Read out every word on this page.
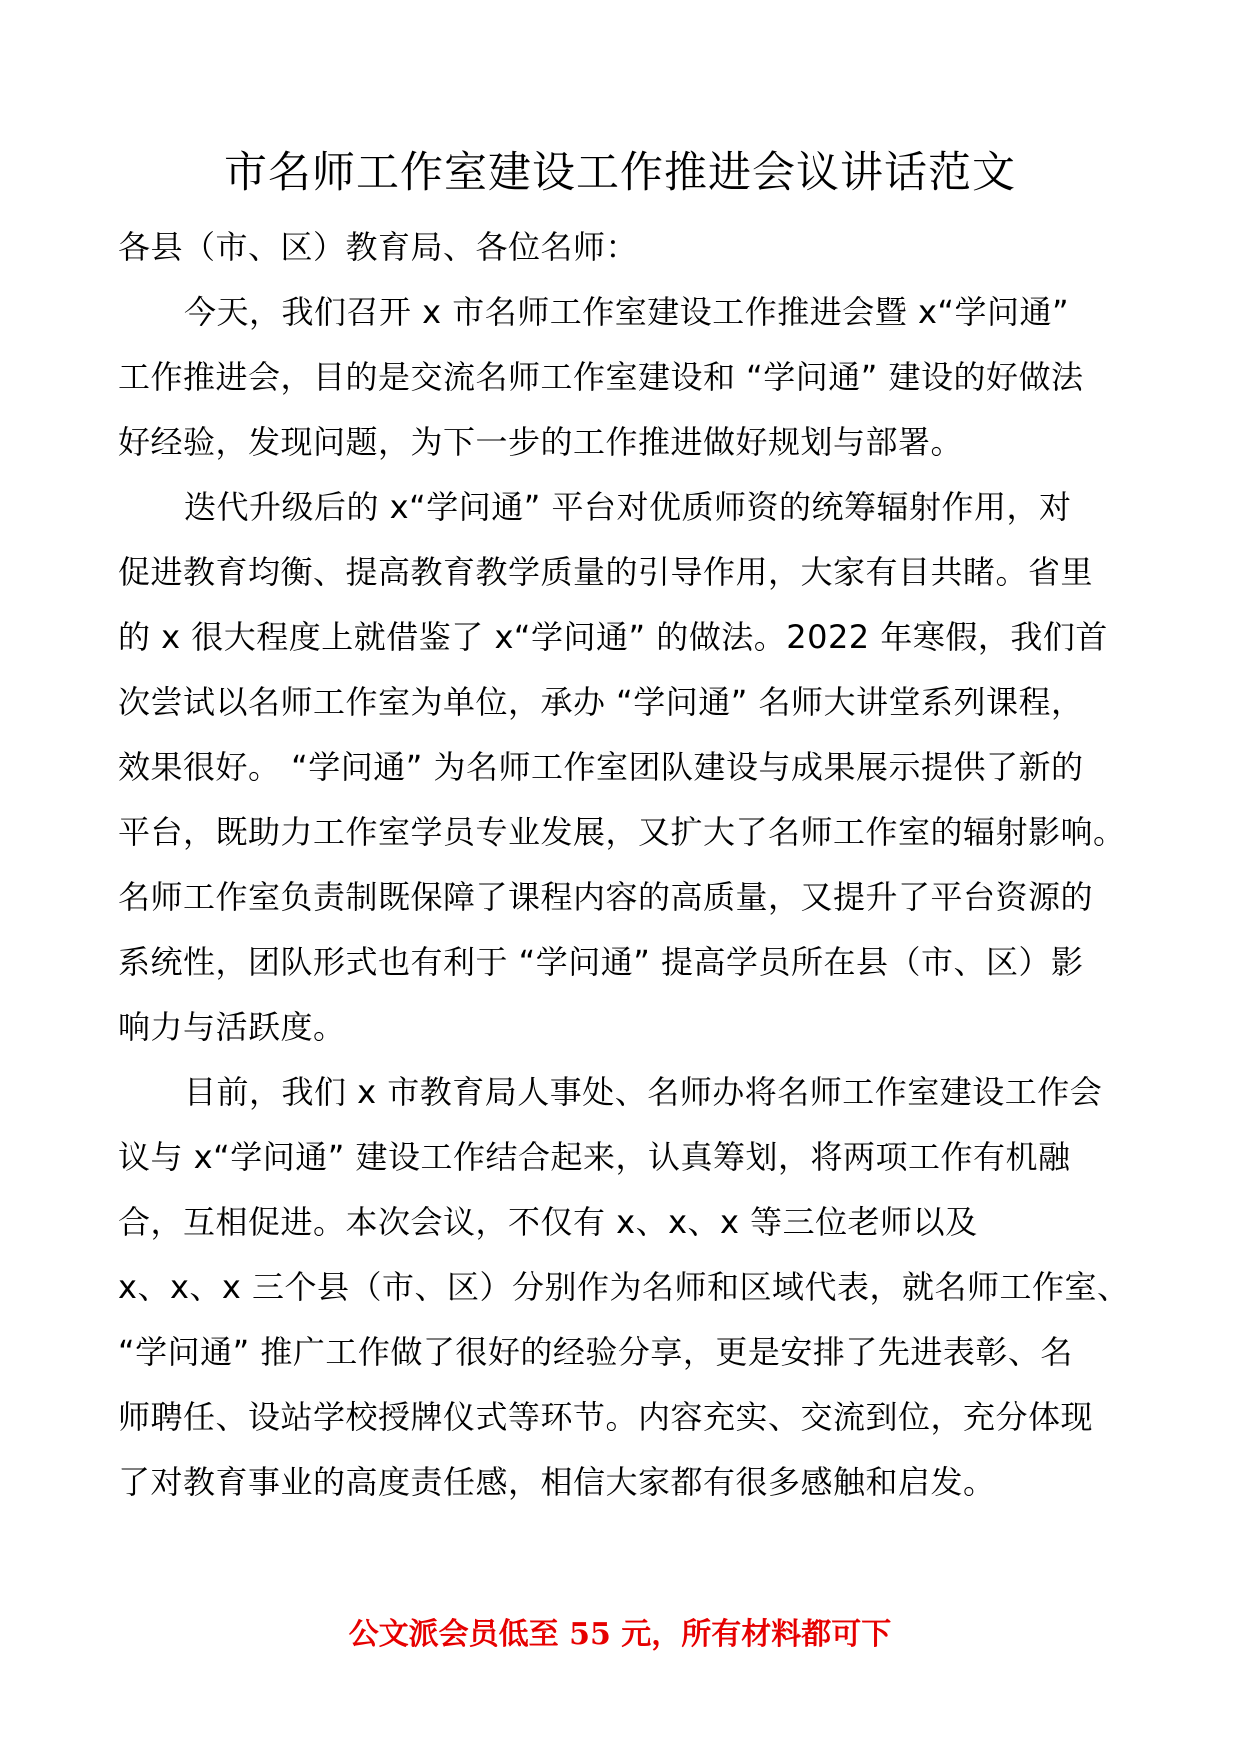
市名师工作室建设工作推进会议讲话范文
各县（市、区）教育局、各位名师：
今天，我们召开 x 市名师工作室建设工作推进会暨 x“学问通”
工作推进会，目的是交流名师工作室建设和 “学问通” 建设的好做法
好经验，发现问题，为下一步的工作推进做好规划与部署。
迭代升级后的 x“学问通” 平台对优质师资的统筹辐射作用，对
促进教育均衡、提高教育教学质量的引导作用，大家有目共睹。省里
的 x 很大程度上就借鉴了 x“学问通” 的做法。2022 年寒假，我们首
次尝试以名师工作室为单位，承办 “学问通” 名师大讲堂系列课程，
效果很好。 “学问通” 为名师工作室团队建设与成果展示提供了新的
平台，既助力工作室学员专业发展，又扩大了名师工作室的辐射影响。
名师工作室负责制既保障了课程内容的高质量，又提升了平台资源的
系统性，团队形式也有利于 “学问通” 提高学员所在县（市、区）影
响力与活跃度。
目前，我们 x 市教育局人事处、名师办将名师工作室建设工作会
议与 x“学问通” 建设工作结合起来，认真筹划，将两项工作有机融
合，互相促进。本次会议，不仅有 x、x、x 等三位老师以及
x、x、x 三个县（市、区）分别作为名师和区域代表，就名师工作室、
“学问通” 推广工作做了很好的经验分享，更是安排了先进表彰、名
师聘任、设站学校授牌仪式等环节。内容充实、交流到位，充分体现
了对教育事业的高度责任感，相信大家都有很多感触和启发。
公文派会员低至 55 元，所有材料都可下
